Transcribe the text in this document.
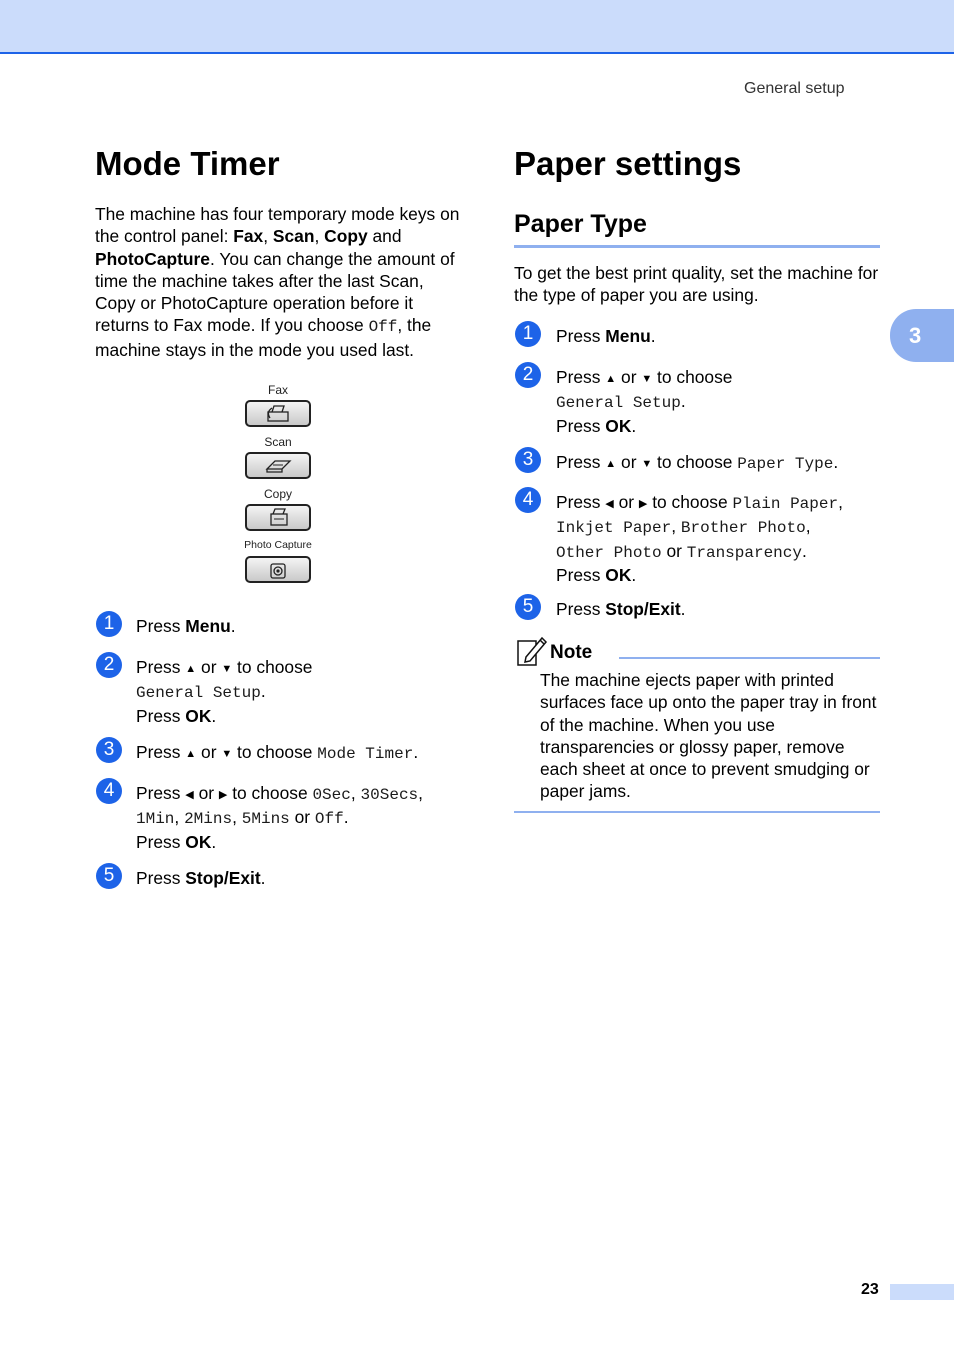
General setup
3
Mode Timer

The machine has four temporary mode keys on the control panel: Fax, Scan, Copy and PhotoCapture. You can change the amount of time the machine takes after the last Scan, Copy or PhotoCapture operation before it returns to Fax mode. If you choose Off, the machine stays in the mode you used last.

Fax
Scan
Copy
Photo Capture
1	Press Menu.
2	Press ▲ or ▼ to choose
General Setup.
Press OK.
3	Press ▲ or ▼ to choose Mode Timer.
4	Press ◀ or ▶ to choose 0Sec, 30Secs,
1Min, 2Mins, 5Mins or Off.
Press OK.
5	Press Stop/Exit.
Paper settings
Paper Type

To get the best print quality, set the machine for the type of paper you are using.

1	Press Menu.
2	Press ▲ or ▼ to choose
General Setup.
Press OK.
3	Press ▲ or ▼ to choose Paper Type.
4	Press ◀ or ▶ to choose Plain Paper,
Inkjet Paper, Brother Photo,
Other Photo or Transparency.
Press OK.
5	Press Stop/Exit.
Note

The machine ejects paper with printed surfaces face up onto the paper tray in front of the machine. When you use transparencies or glossy paper, remove each sheet at once to prevent smudging or paper jams.

23
